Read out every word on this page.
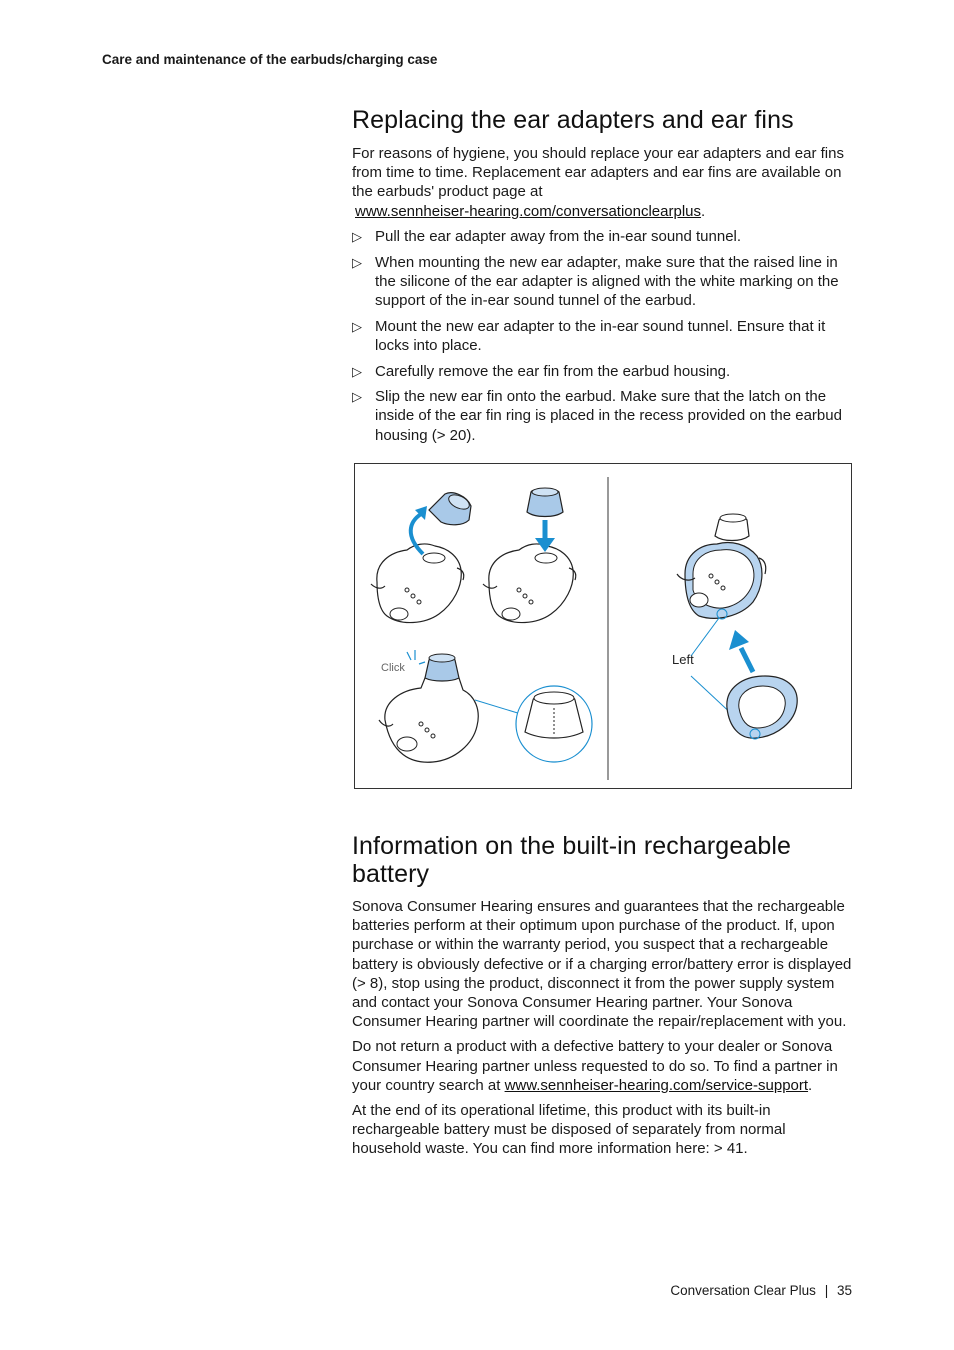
Care and maintenance of the earbuds/charging case
Replacing the ear adapters and ear fins

For reasons of hygiene, you should replace your ear adapters and ear fins from time to time. Replacement ear adapters and ear fins are available on the earbuds' product page at
www.sennheiser-hearing.com/conversationclearplus.

▷ Pull the ear adapter away from the in-ear sound tunnel.
▷ When mounting the new ear adapter, make sure that the raised line in the silicone of the ear adapter is aligned with the white marking on the support of the in-ear sound tunnel of the earbud.
▷ Mount the new ear adapter to the in-ear sound tunnel. Ensure that it locks into place.
▷ Carefully remove the ear fin from the earbud housing.
▷ Slip the new ear fin onto the earbud. Make sure that the latch on the inside of the ear fin ring is placed in the recess provided on the earbud housing (> 20).
Click
Left
Information on the built-in rechargeable battery

Sonova Consumer Hearing ensures and guarantees that the rechargeable batteries perform at their optimum upon purchase of the product. If, upon purchase or within the warranty period, you suspect that a rechargeable battery is obviously defective or if a charging error/battery error is displayed (> 8), stop using the product, disconnect it from the power supply system and contact your Sonova Consumer Hearing partner. Your Sonova Consumer Hearing partner will coordinate the repair/replacement with you.

Do not return a product with a defective battery to your dealer or Sonova Consumer Hearing partner unless requested to do so. To find a partner in your country search at www.sennheiser-hearing.com/service-support.

At the end of its operational lifetime, this product with its built-in rechargeable battery must be disposed of separately from normal household waste. You can find more information here: > 41.

Conversation Clear Plus | 35
